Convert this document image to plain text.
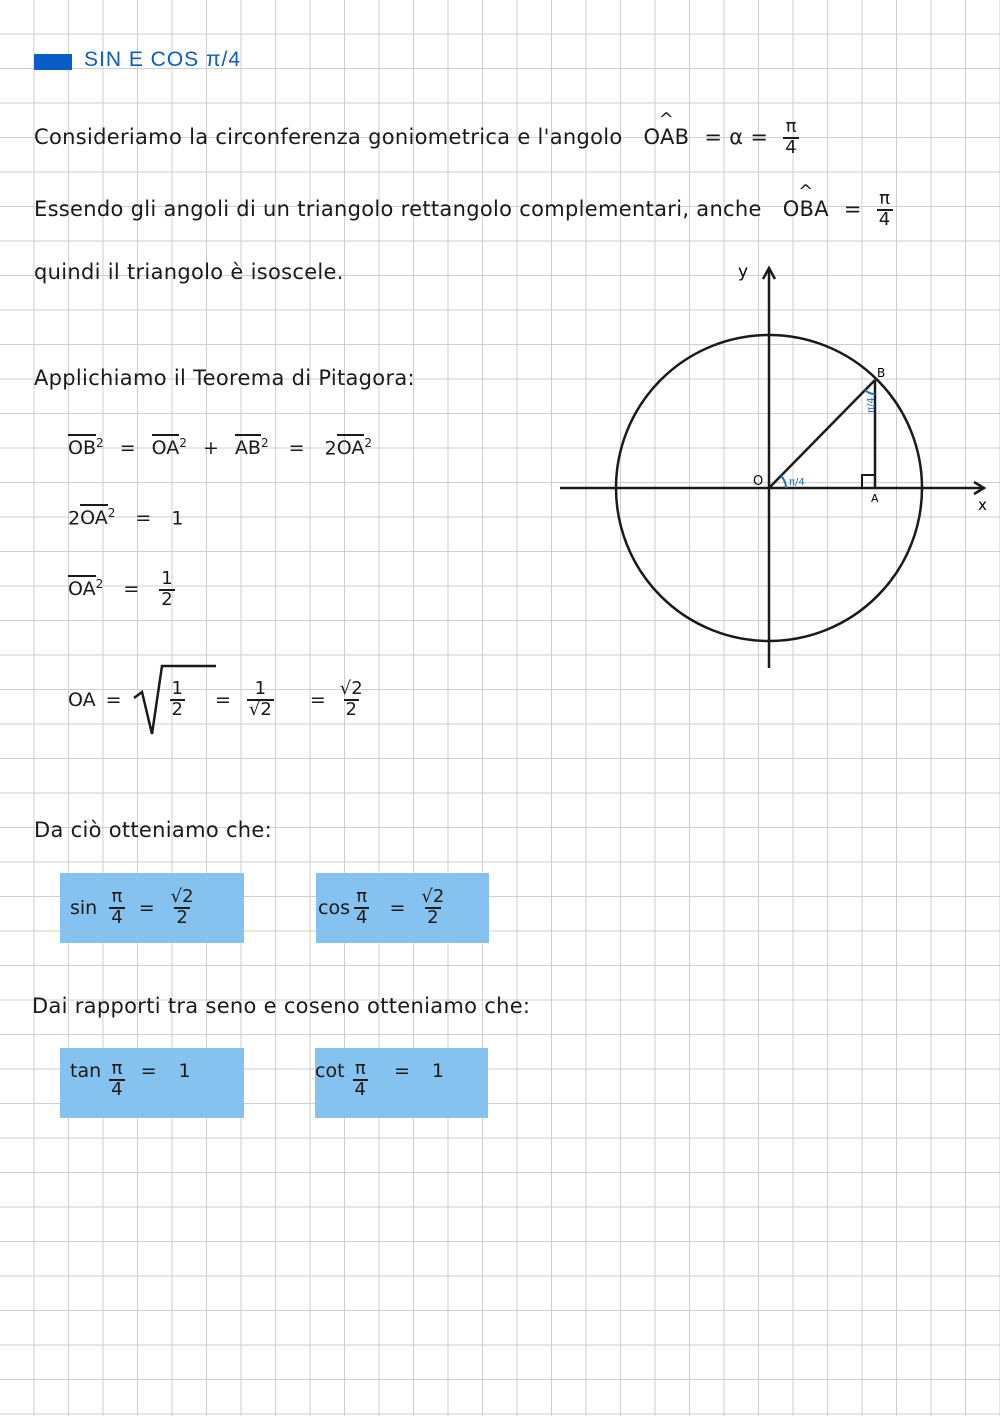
SIN E COS π/4
Consideriamo la circonferenza goniometrica e l'angolo ^ OAB = $\alpha = \frac{\pi}{4}$
Essendo gli angoli di un triangolo rettangolo complementari, anche ^ OBA = $\frac{\pi}{4}$
quindi il triangolo è isoscele.
Applichiamo il Teorema di Pitagora:
$OB^2 = OA^2 + AB^2 = 2OA^2$
$2OA^2 = 1$
$OA^2 = \frac{1}{2}$
OA =	$\frac{1}{2} = \frac{1}{√2} = \frac{√2}{2}$
Da ciò otteniamo che:
$\sin \frac{\pi}{4} = \frac{√2}{2}$	$\cos \frac{\pi}{4} = \frac{√2}{2}$
Dai rapporti tra seno e coseno otteniamo che:
$\tan \frac{\pi}{4} = 1$	$\cot \frac{\pi}{4} = 1$
x
y
O
A
B
π/4
π/4
